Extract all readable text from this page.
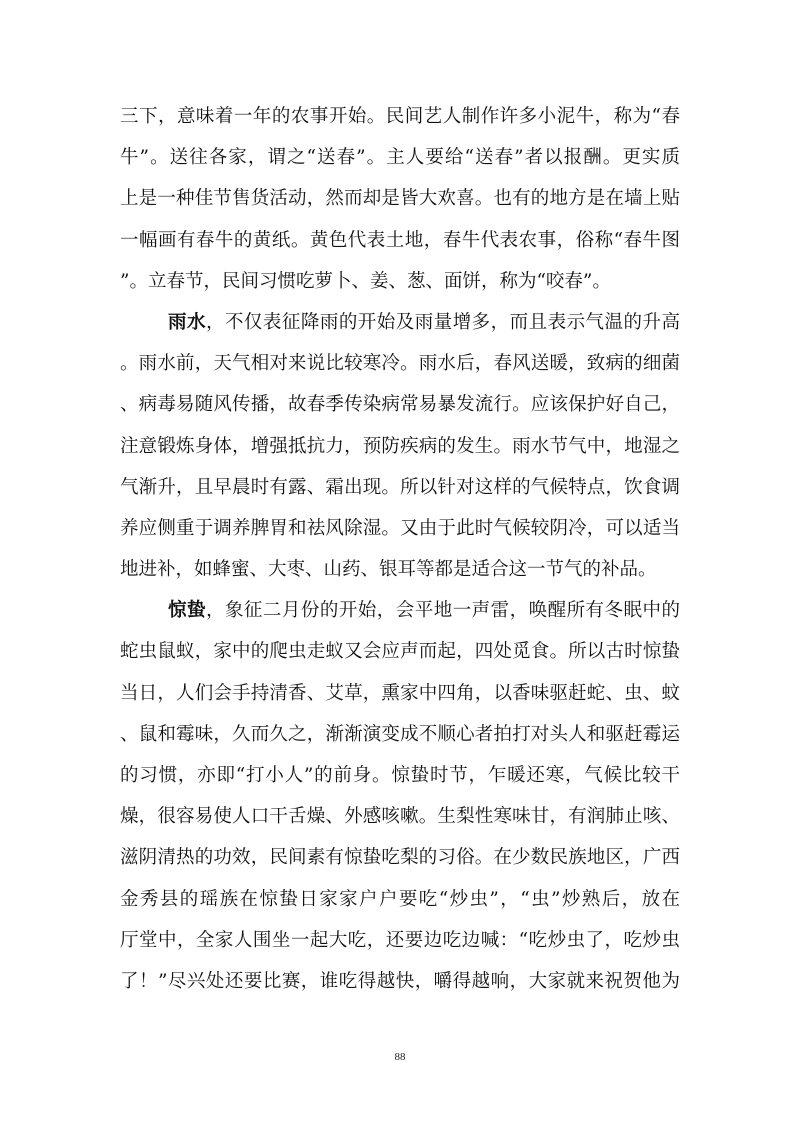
三下，意味着一年的农事开始。民间艺人制作许多小泥牛，称为“春
牛”。送往各家，谓之“送春”。主人要给“送春”者以报酬。更实质
上是一种佳节售货活动，然而却是皆大欢喜。也有的地方是在墙上贴
一幅画有春牛的黄纸。黄色代表土地，春牛代表农事，俗称“春牛图
”。立春节，民间习惯吃萝卜、姜、葱、面饼，称为“咬春”。
雨水，不仅表征降雨的开始及雨量增多，而且表示气温的升高
。雨水前，天气相对来说比较寒冷。雨水后，春风送暖，致病的细菌
、病毒易随风传播，故春季传染病常易暴发流行。应该保护好自己，
注意锻炼身体，增强抵抗力，预防疾病的发生。雨水节气中，地湿之
气渐升，且早晨时有露、霜出现。所以针对这样的气候特点，饮食调
养应侧重于调养脾胃和祛风除湿。又由于此时气候较阴冷，可以适当
地进补，如蜂蜜、大枣、山药、银耳等都是适合这一节气的补品。
惊蛰，象征二月份的开始，会平地一声雷，唤醒所有冬眠中的
蛇虫鼠蚁，家中的爬虫走蚁又会应声而起，四处觅食。所以古时惊蛰
当日，人们会手持清香、艾草，熏家中四角，以香味驱赶蛇、虫、蚊
、鼠和霉味，久而久之，渐渐演变成不顺心者拍打对头人和驱赶霉运
的习惯，亦即“打小人”的前身。惊蛰时节，乍暖还寒，气候比较干
燥，很容易使人口干舌燥、外感咳嗽。生梨性寒味甘，有润肺止咳、
滋阴清热的功效，民间素有惊蛰吃梨的习俗。在少数民族地区，广西
金秀县的瑶族在惊蛰日家家户户要吃“炒虫”，“虫”炒熟后，放在
厅堂中，全家人围坐一起大吃，还要边吃边喊：“吃炒虫了，吃炒虫
了！”尽兴处还要比赛，谁吃得越快，嚼得越响，大家就来祝贺他为
88
